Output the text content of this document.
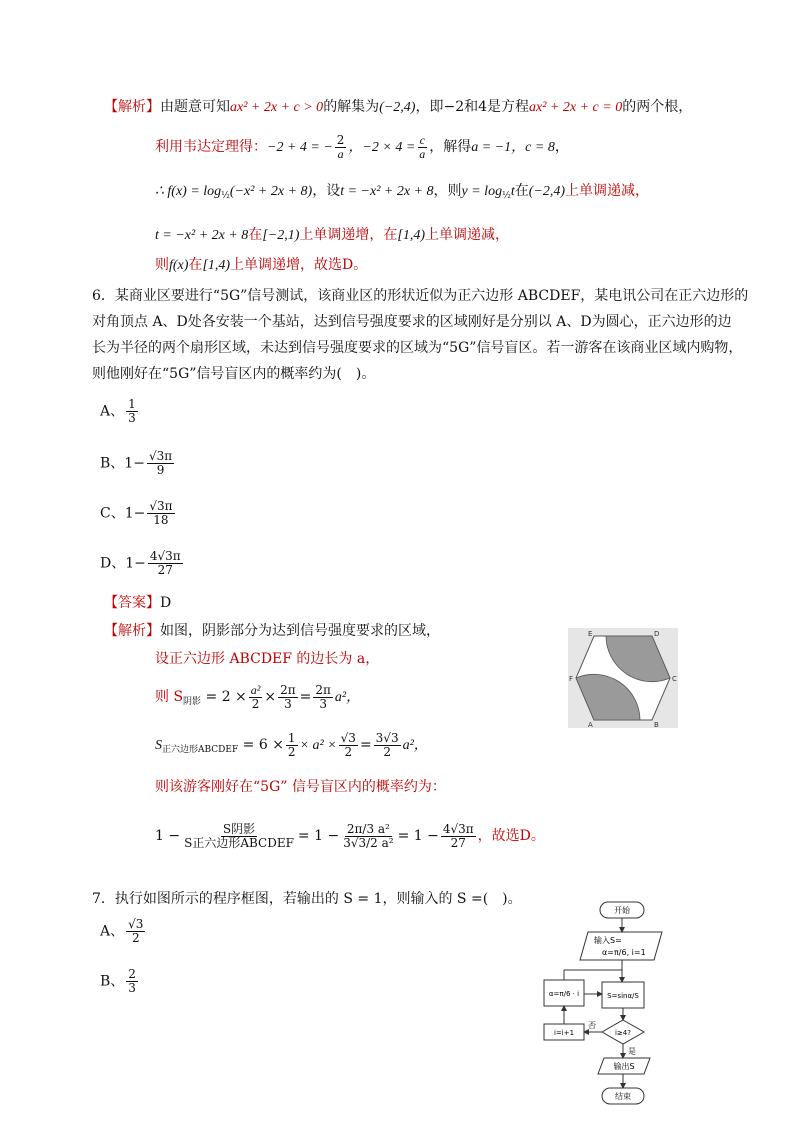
【解析】由题意可知ax² + 2x + c > 0的解集为(−2,4)，即−2和4是方程ax² + 2x + c = 0的两个根，
利用韦达定理得：−2 + 4 = − $\frac{2}{a}$ ，$-2 \times 4 = \frac{c}{a}$ ，解得a = −1，c = 8，
∴ $f(x) = \log_{\frac{1}{2}}(-x^2 + 2x + 8)$，设t = −x² + 2x + 8，则$y = \log_{\frac{1}{2}}t$在(−2,4)上单调递减，
t = −x² + 2x + 8在[−2,1)上单调递增，在[1,4)上单调递减，
则f(x)在[1,4)上单调递增，故选D。
6．某商业区要进行“5G”信号测试，该商业区的形状近似为正六边形 ABCDEF，某电讯公司在正六边形的
对角顶点 A、D处各安装一个基站，达到信号强度要求的区域刚好是分别以 A、D为圆心，正六边形的边
长为半径的两个扇形区域，未达到信号强度要求的区域为“5G”信号盲区。若一游客在该商业区域内购物，
则他刚好在“5G”信号盲区内的概率约为(　)。
A、 $\frac{1}{3}$
B、$1- \frac{√3\pi}{9}$
C、$1- \frac{√3\pi}{18}$
D、$1- \frac{4√3\pi}{27}$
【答案】D
【解析】如图，阴影部分为达到信号强度要求的区域，
设正六边形 ABCDEF 的边长为 a，
则 $S_{阴影} = 2 \times \frac{\text{a²}}{2} \times \frac{2\pi}{3} = \frac{2\pi}{3} a^2$，
$S_{正六边形ABCDEF} = 6 \times \frac{1}{2} \times a^2 \times \frac{√3}{2} = \frac{3√3}{2} a^2$，
则该游客刚好在“5G” 信号盲区内的概率约为：
$1 - \frac{\text{S阴影}}{\text{S正六边形ABCDEF}} = 1 - \frac{\text{2π/3 a²}}{\text{3√3/2 a²}} = 1 - \frac{4√3\pi}{27}$ ，故选D。
E	D
F	C
A	B
7．执行如图所示的程序框图，若输出的 S = 1，则输入的 S =(　)。
A、 $\frac{√3}{2}$
B、 $\frac{2}{3}$
开始
输入S=
α=π/6, i=1
α=π/6 · i	S=sinα/S
i≥4?
否
i=i+1
是
输出S
结束
